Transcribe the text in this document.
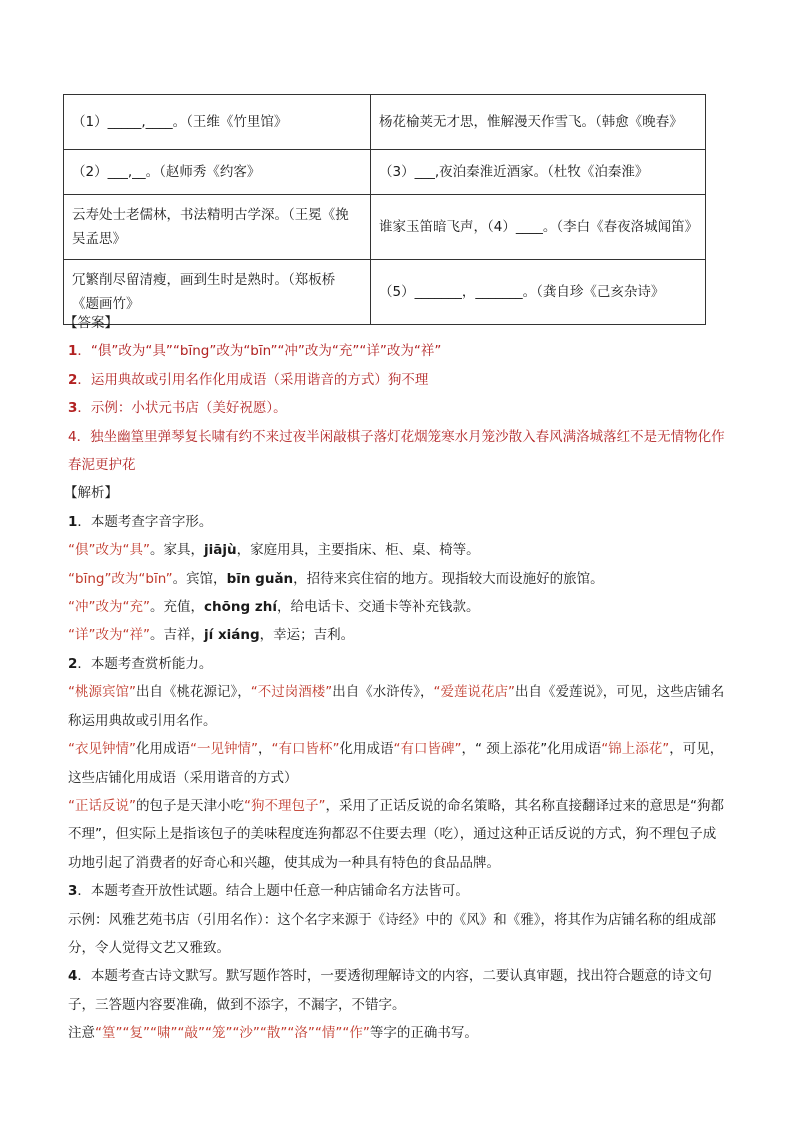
（1）_____,____。（王维《竹里馆》	杨花榆荚无才思，惟解漫天作雪飞。（韩愈《晚春》
（2）___,__。（赵师秀《约客》	（3）___,夜泊秦淮近酒家。（杜牧《泊秦淮》
云寿处士老儒林，书法精明古学深。（王冕《挽吴孟思》	谁家玉笛暗飞声，（4）____。（李白《春夜洛城闻笛》
冗繁削尽留清瘦，画到生时是熟时。（郑板桥《题画竹》	（5）_______，_______。（龚自珍《己亥杂诗》

【答案】

1．“倶”改为“具”“bīng”改为“bīn”“冲”改为“充”“详”改为“祥”

2．运用典故或引用名作化用成语（采用谐音的方式）狗不理

3．示例：小状元书店（美好祝愿）。

4．独坐幽篁里弹琴复长啸有约不来过夜半闲敲棋子落灯花烟笼寒水月笼沙散入春风满洛城落红不是无情物化作春泥更护花

【解析】

1．本题考查字音字形。

“倶”改为“具”。家具，jiājù，家庭用具，主要指床、柜、桌、椅等。

“bīng”改为“bīn”。宾馆，bīn guǎn，招待来宾住宿的地方。现指较大而设施好的旅馆。

“冲”改为“充”。充值，chōng zhí，给电话卡、交通卡等补充钱款。

“详”改为“祥”。吉祥，jí xiáng，幸运；吉利。

2．本题考查赏析能力。

“桃源宾馆”出自《桃花源记》，“不过岗酒楼”出自《水浒传》，“爱莲说花店”出自《爱莲说》，可见，这些店铺名称运用典故或引用名作。

“衣见钟情”化用成语“一见钟情”，“有口皆杯”化用成语“有口皆碑”，“ 颈上添花”化用成语“锦上添花”，可见，这些店铺化用成语（采用谐音的方式）

“正话反说”的包子是天津小吃“狗不理包子”，采用了正话反说的命名策略，其名称直接翻译过来的意思是“狗都不理”，但实际上是指该包子的美味程度连狗都忍不住要去理（吃），通过这种正话反说的方式，狗不理包子成功地引起了消费者的好奇心和兴趣，使其成为一种具有特色的食品品牌。

3．本题考查开放性试题。结合上题中任意一种店铺命名方法皆可。

示例：风雅艺苑书店（引用名作）：这个名字来源于《诗经》中的《风》和《雅》，将其作为店铺名称的组成部分，令人觉得文艺又雅致。

4．本题考查古诗文默写。默写题作答时，一要透彻理解诗文的内容，二要认真审题，找出符合题意的诗文句子，三答题内容要准确，做到不添字，不漏字，不错字。

注意“篁”“复”“啸”“敲”“笼”“沙”“散”“洛”“情”“作”等字的正确书写。
